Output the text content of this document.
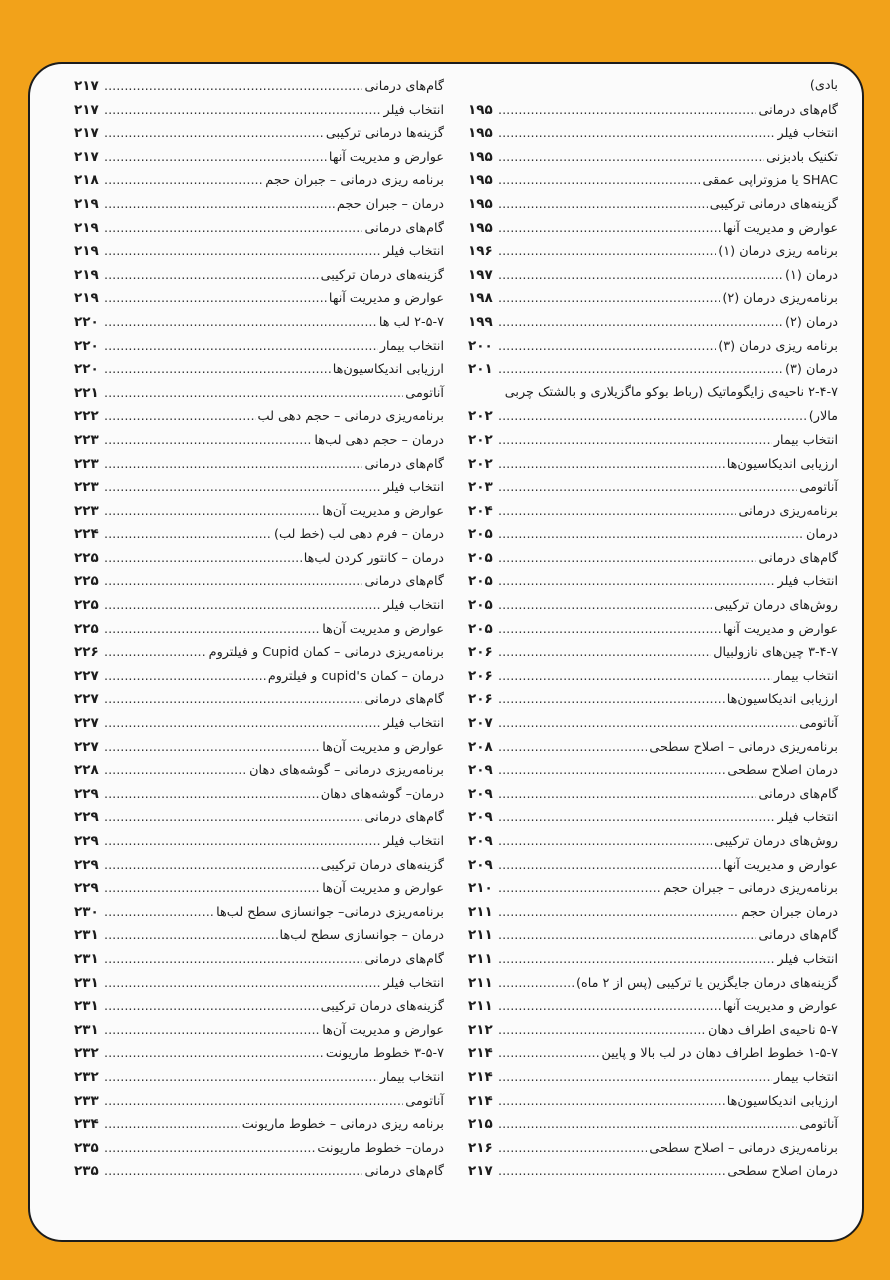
بادی)
گام‌های درمانی
.....
۱۹۵
انتخاب فیلر
.....
۱۹۵
تکنیک بادبزنی
.....
۱۹۵
SHAC یا مزوتراپی عمقی
.....
۱۹۵
گزینه‌های درمانی ترکیبی
.....
۱۹۵
عوارض و مدیریت آنها
.....
۱۹۵
برنامه ریزی درمان (۱)
.....
۱۹۶
درمان (۱)
.....
۱۹۷
برنامه‌ریزی درمان (۲)
.....
۱۹۸
درمان (۲)
.....
۱۹۹
برنامه ریزی درمان (۳)
.....
۲۰۰
درمان (۳)
.....
۲۰۱
۲-۴-۷ ناحیه‌ی زایگوماتیک (رباط بوکو ماگزیلاری و بالشتک چربی
مالار)
.....
۲۰۲
انتخاب بیمار
.....
۲۰۲
ارزیابی اندیکاسیون‌ها
.....
۲۰۲
آناتومی
.....
۲۰۳
برنامه‌ریزی درمانی
.....
۲۰۴
درمان
.....
۲۰۵
گام‌های درمانی
.....
۲۰۵
انتخاب فیلر
.....
۲۰۵
روش‌های درمان ترکیبی
.....
۲۰۵
عوارض و مدیریت آنها
.....
۲۰۵
۳-۴-۷ چین‌های نازولبیال
.....
۲۰۶
انتخاب بیمار
.....
۲۰۶
ارزیابی اندیکاسیون‌ها
.....
۲۰۶
آناتومی
.....
۲۰۷
برنامه‌ریزی درمانی – اصلاح سطحی
.....
۲۰۸
درمان اصلاح سطحی
.....
۲۰۹
گام‌های درمانی
.....
۲۰۹
انتخاب فیلر
.....
۲۰۹
روش‌های درمان ترکیبی
.....
۲۰۹
عوارض و مدیریت آنها
.....
۲۰۹
برنامه‌ریزی درمانی – جبران حجم
.....
۲۱۰
درمان جبران حجم
.....
۲۱۱
گام‌های درمانی
.....
۲۱۱
انتخاب فیلر
.....
۲۱۱
گزینه‌های درمان جایگزین یا ترکیبی (پس از ۲ ماه)
.....
۲۱۱
عوارض و مدیریت آنها
.....
۲۱۱
۵-۷ ناحیه‌ی اطراف دهان
.....
۲۱۲
۱-۵-۷ خطوط اطراف دهان در لب بالا و پایین
.....
۲۱۴
انتخاب بیمار
.....
۲۱۴
ارزیابی اندیکاسیون‌ها
.....
۲۱۴
آناتومی
.....
۲۱۵
برنامه‌ریزی درمانی – اصلاح سطحی
.....
۲۱۶
درمان اصلاح سطحی
.....
۲۱۷
گام‌های درمانی
.....
۲۱۷
انتخاب فیلر
.....
۲۱۷
گزینه‌ها درمانی ترکیبی
.....
۲۱۷
عوارض و مدیریت آنها
.....
۲۱۷
برنامه ریزی درمانی – جبران حجم
.....
۲۱۸
درمان – جبران حجم
.....
۲۱۹
گام‌های درمانی
.....
۲۱۹
انتخاب فیلر
.....
۲۱۹
گزینه‌های درمان ترکیبی
.....
۲۱۹
عوارض و مدیریت آنها
.....
۲۱۹
۲-۵-۷ لب ها
.....
۲۲۰
انتخاب بیمار
.....
۲۲۰
ارزیابی اندیکاسیون‌ها
.....
۲۲۰
آناتومی
.....
۲۲۱
برنامه‌ریزی درمانی – حجم دهی لب
.....
۲۲۲
درمان – حجم دهی لب‌ها
.....
۲۲۳
گام‌های درمانی
.....
۲۲۳
انتخاب فیلر
.....
۲۲۳
عوارض و مدیریت آن‌ها
.....
۲۲۳
درمان – فرم دهی لب (خط لب)
.....
۲۲۴
درمان – کانتور کردن لب‌ها
.....
۲۲۵
گام‌های درمانی
.....
۲۲۵
انتخاب فیلر
.....
۲۲۵
عوارض و مدیریت آن‌ها
.....
۲۲۵
برنامه‌ریزی درمانی – کمان Cupid و فیلتروم
.....
۲۲۶
درمان – کمان cupid's و فیلتروم
.....
۲۲۷
گام‌های درمانی
.....
۲۲۷
انتخاب فیلر
.....
۲۲۷
عوارض و مدیریت آن‌ها
.....
۲۲۷
برنامه‌ریزی درمانی – گوشه‌های دهان
.....
۲۲۸
درمان– گوشه‌های دهان
.....
۲۲۹
گام‌های درمانی
.....
۲۲۹
انتخاب فیلر
.....
۲۲۹
گزینه‌های درمان ترکیبی
.....
۲۲۹
عوارض و مدیریت آن‌ها
.....
۲۲۹
برنامه‌ریزی درمانی– جوانسازی سطح لب‌ها
.....
۲۳۰
درمان – جوانسازی سطح لب‌ها
.....
۲۳۱
گام‌های درمانی
.....
۲۳۱
انتخاب فیلر
.....
۲۳۱
گزینه‌های درمان ترکیبی
.....
۲۳۱
عوارض و مدیریت آن‌ها
.....
۲۳۱
۳-۵-۷ خطوط ماریونت
.....
۲۳۲
انتخاب بیمار
.....
۲۳۲
آناتومی
.....
۲۳۳
برنامه ریزی درمانی – خطوط ماریونت
.....
۲۳۴
درمان– خطوط ماریونت
.....
۲۳۵
گام‌های درمانی
.....
۲۳۵
